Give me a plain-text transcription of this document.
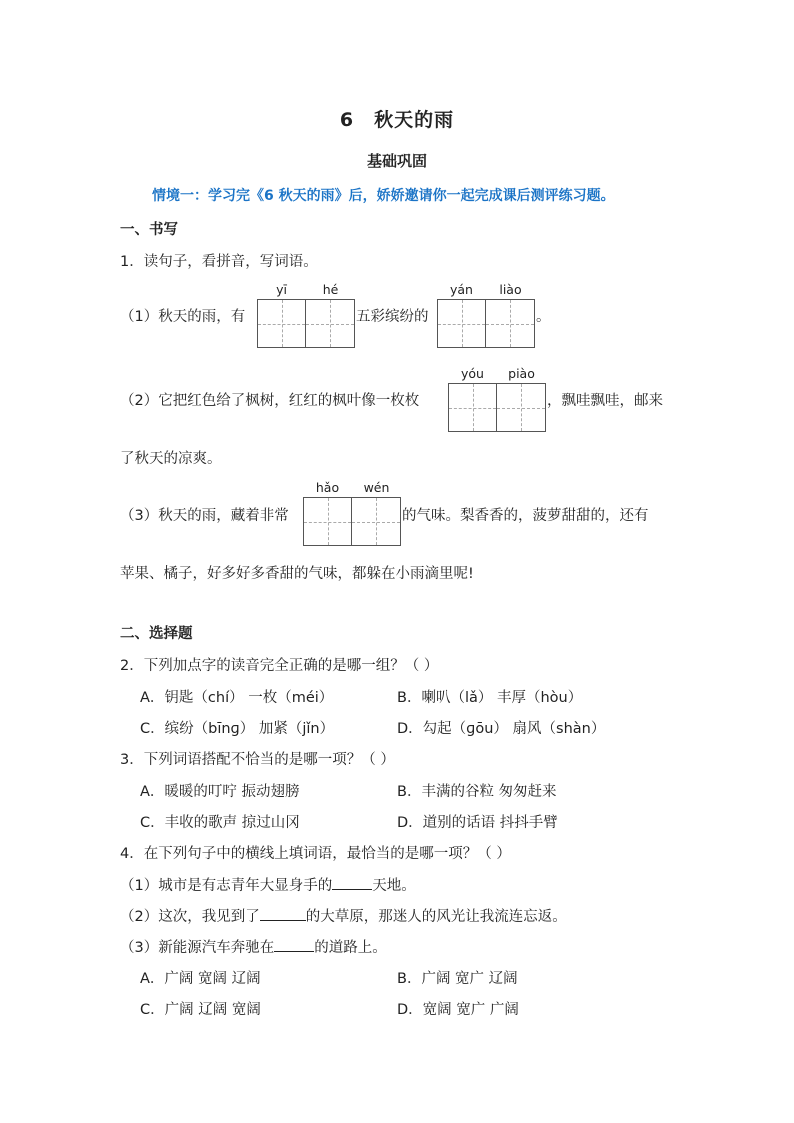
6　秋天的雨
基础巩固
情境一：学习完《6 秋天的雨》后，娇娇邀请你一起完成课后测评练习题。
一、书写
1．读句子，看拼音，写词语。
yī	hé	yán	liào
（1）秋天的雨，有	五彩缤纷的	。
yóu	piào
（2）它把红色给了枫树，红红的枫叶像一枚枚	，飘哇飘哇，邮来
了秋天的凉爽。
hǎo	wén
（3）秋天的雨，藏着非常	的气味。梨香香的，菠萝甜甜的，还有
苹果、橘子，好多好多香甜的气味，都躲在小雨滴里呢!
二、选择题
2．下列加点字的读音完全正确的是哪一组？（ ）
A．钥匙（chí） 一枚（méi）	B．喇叭（lǎ） 丰厚（hòu）
C．缤纷（bīnɡ） 加紧（jǐn）	D．勾起（ɡōu） 扇风（shàn）
3．下列词语搭配不恰当的是哪一项？（ ）
A．暖暖的叮咛 振动翅膀	B．丰满的谷粒 匆匆赶来
C．丰收的歌声 掠过山冈	D．道别的话语 抖抖手臂
4．在下列句子中的横线上填词语，最恰当的是哪一项？（ ）
（1）城市是有志青年大显身手的	天地。
（2）这次，我见到了	的大草原，那迷人的风光让我流连忘返。
（3）新能源汽车奔驰在	的道路上。
A．广阔 宽阔 辽阔	B．广阔 宽广 辽阔
C．广阔 辽阔 宽阔	D．宽阔 宽广 广阔
